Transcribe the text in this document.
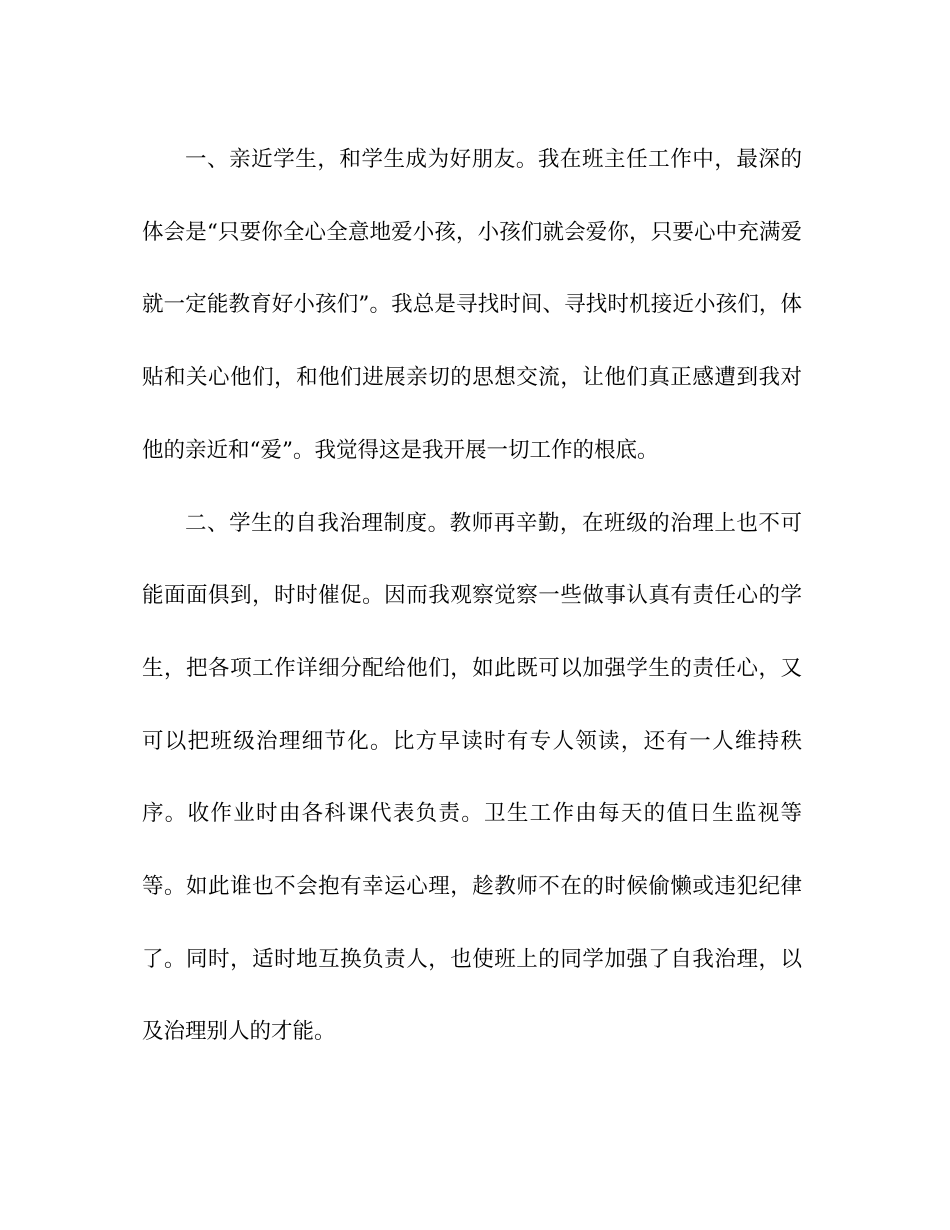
一、亲近学生，和学生成为好朋友。我在班主任工作中，最深的体会是“只要你全心全意地爱小孩，小孩们就会爱你，只要心中充满爱就一定能教育好小孩们”。我总是寻找时间、寻找时机接近小孩们，体贴和关心他们，和他们进展亲切的思想交流，让他们真正感遭到我对他的亲近和“爱”。我觉得这是我开展一切工作的根底。

二、学生的自我治理制度。教师再辛勤，在班级的治理上也不可能面面俱到，时时催促。因而我观察觉察一些做事认真有责任心的学生，把各项工作详细分配给他们，如此既可以加强学生的责任心，又可以把班级治理细节化。比方早读时有专人领读，还有一人维持秩序。收作业时由各科课代表负责。卫生工作由每天的值日生监视等等。如此谁也不会抱有幸运心理，趁教师不在的时候偷懒或违犯纪律了。同时，适时地互换负责人，也使班上的同学加强了自我治理，以及治理别人的才能。
